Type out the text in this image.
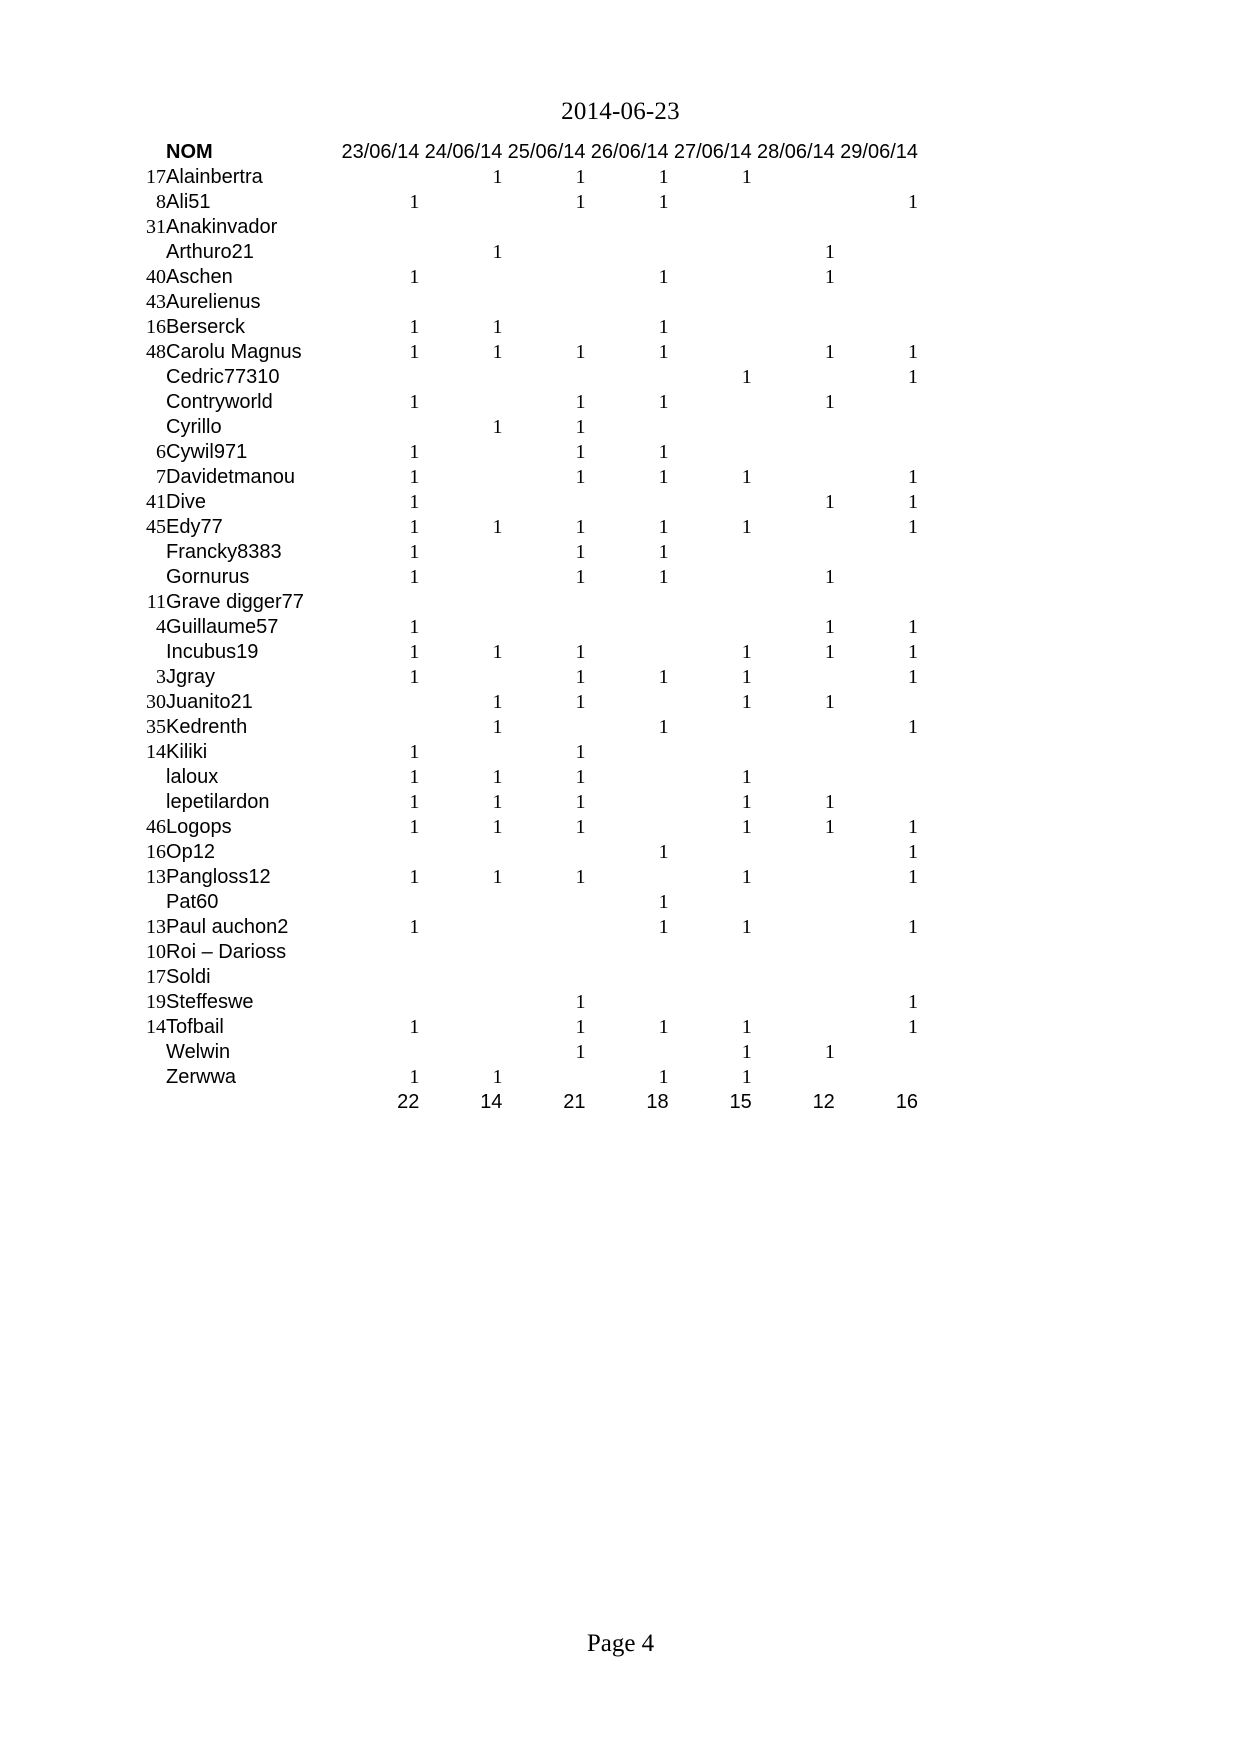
2014-06-23
	NOM	23/06/14	24/06/14	25/06/14	26/06/14	27/06/14	28/06/14	29/06/14
17	Alainbertra		1	1	1	1		
8	Ali51	1		1	1			1
31	Anakinvador							
	Arthuro21		1				1	
40	Aschen	1			1		1	
43	Aurelienus							
16	Berserck	1	1		1			
48	Carolu Magnus	1	1	1	1		1	1
	Cedric77310					1		1
	Contryworld	1		1	1		1	
	Cyrillo		1	1				
6	Cywil971	1		1	1			
7	Davidetmanou	1		1	1	1		1
41	Dive	1					1	1
45	Edy77	1	1	1	1	1		1
	Francky8383	1		1	1			
	Gornurus	1		1	1		1	
11	Grave digger77							
4	Guillaume57	1					1	1
	Incubus19	1	1	1		1	1	1
3	Jgray	1		1	1	1		1
30	Juanito21		1	1		1	1	
35	Kedrenth		1		1			1
14	Kiliki	1		1				
	laloux	1	1	1		1		
	lepetilardon	1	1	1		1	1	
46	Logops	1	1	1		1	1	1
16	Op12				1			1
13	Pangloss12	1	1	1		1		1
	Pat60				1			
13	Paul auchon2	1			1	1		1
10	Roi – Darioss							
17	Soldi							
19	Steffeswe			1				1
14	Tofbail	1		1	1	1		1
	Welwin			1		1	1	
	Zerwwa	1	1		1	1		
		22	14	21	18	15	12	16
Page 4
